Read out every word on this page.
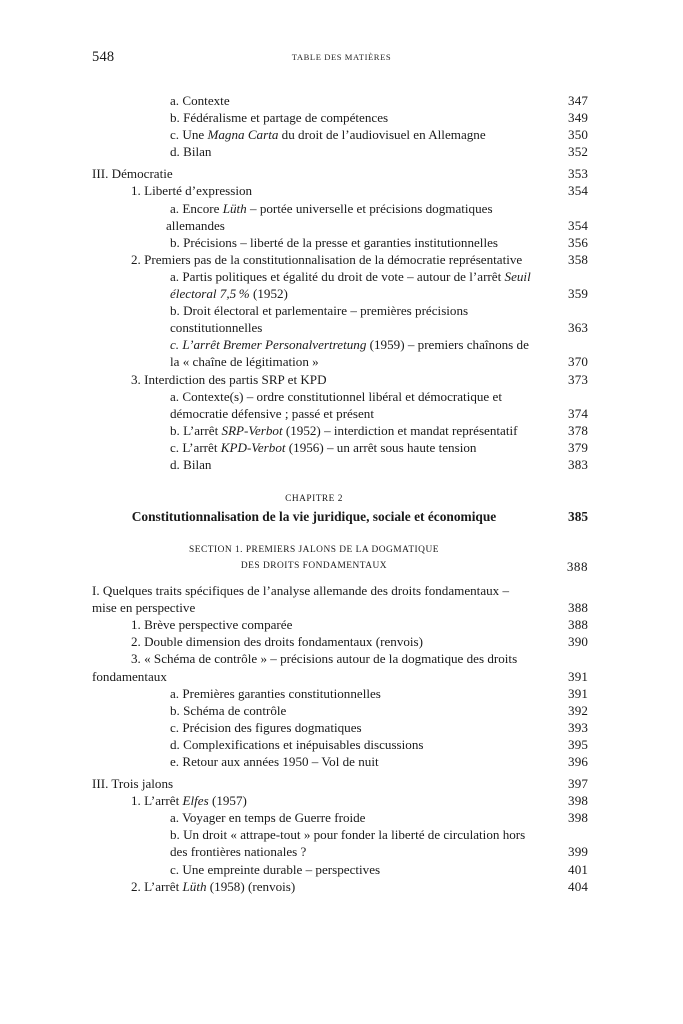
548	TABLE DES MATIÈRES
a. Contexte	347
b. Fédéralisme et partage de compétences	349
c. Une Magna Carta du droit de l’audiovisuel en Allemagne	350
d. Bilan	352
III. Démocratie	353
1. Liberté d’expression	354
a. Encore Lüth – portée universelle et précisions dogmatiques allemandes	354
b. Précisions – liberté de la presse et garanties institutionnelles	356
2. Premiers pas de la constitutionnalisation de la démocratie représentative	358
a. Partis politiques et égalité du droit de vote – autour de l’arrêt Seuil électoral 7,5 % (1952)	359
b. Droit électoral et parlementaire – premières précisions constitutionnelles	363
c. L’arrêt Bremer Personalvertretung (1959) – premiers chaînons de la « chaîne de légitimation »	370
3. Interdiction des partis SRP et KPD	373
a. Contexte(s) – ordre constitutionnel libéral et démocratique et démocratie défensive ; passé et présent	374
b. L’arrêt SRP-Verbot (1952) – interdiction et mandat représentatif	378
c. L’arrêt KPD-Verbot (1956) – un arrêt sous haute tension	379
d. Bilan	383
CHAPITRE 2
Constitutionnalisation de la vie juridique, sociale et économique	385
SECTION 1. PREMIERS JALONS DE LA DOGMATIQUE
DES DROITS FONDAMENTAUX	388
I. Quelques traits spécifiques de l’analyse allemande des droits fondamentaux – mise en perspective	388
1. Brève perspective comparée	388
2. Double dimension des droits fondamentaux (renvois)	390
3. « Schéma de contrôle » – précisions autour de la dogmatique des droits fondamentaux	391
a. Premières garanties constitutionnelles	391
b. Schéma de contrôle	392
c. Précision des figures dogmatiques	393
d. Complexifications et inépuisables discussions	395
e. Retour aux années 1950 – Vol de nuit	396
III. Trois jalons	397
1. L’arrêt Elfes (1957)	398
a. Voyager en temps de Guerre froide	398
b. Un droit « attrape-tout » pour fonder la liberté de circulation hors des frontières nationales ?	399
c. Une empreinte durable – perspectives	401
2. L’arrêt Lüth (1958) (renvois)	404
